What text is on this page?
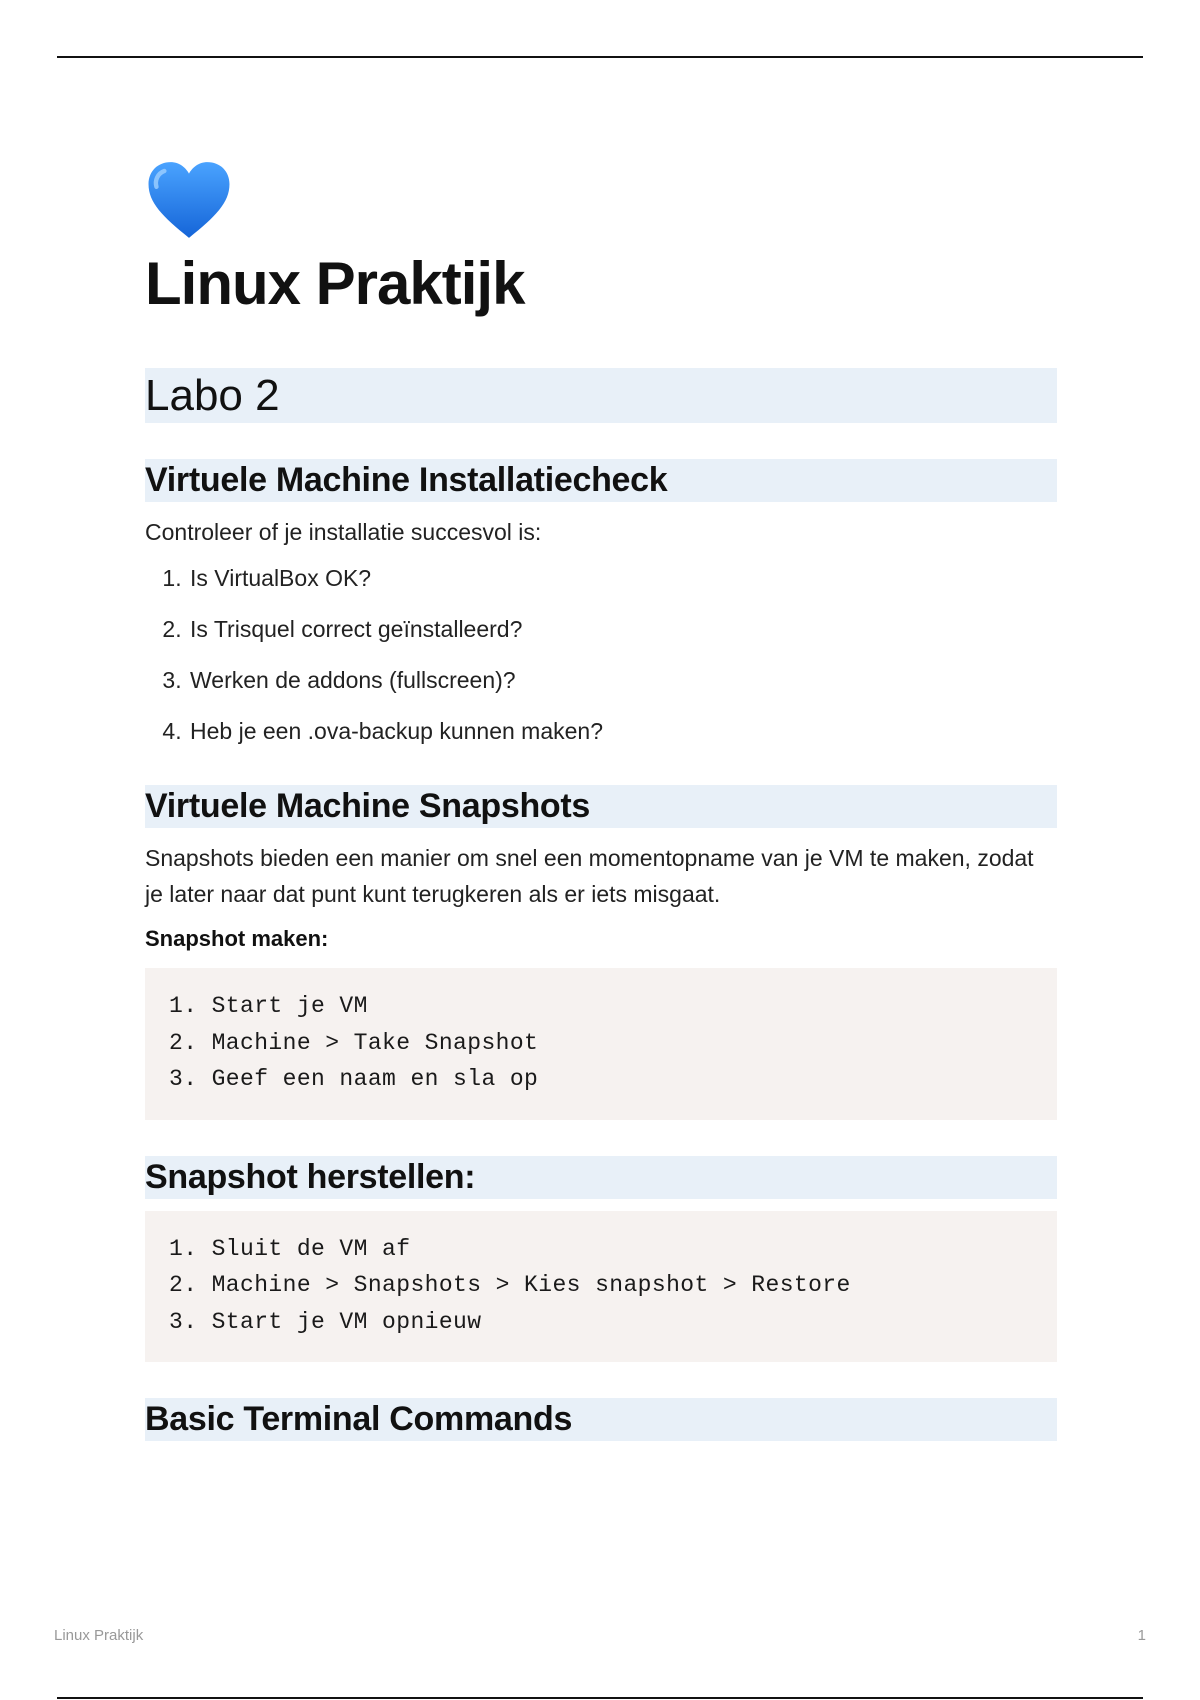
Linux Praktijk
Labo 2
Virtuele Machine Installatiecheck

Controleer of je installatie succesvol is:

1. Is VirtualBox OK?
2. Is Trisquel correct geïnstalleerd?
3. Werken de addons (fullscreen)?
4. Heb je een .ova-backup kunnen maken?
Virtuele Machine Snapshots

Snapshots bieden een manier om snel een momentopname van je VM te maken, zodat je later naar dat punt kunt terugkeren als er iets misgaat.

Snapshot maken:
1. Start je VM
2. Machine > Take Snapshot
3. Geef een naam en sla op
Snapshot herstellen:
1. Sluit de VM af
2. Machine > Snapshots > Kies snapshot > Restore
3. Start je VM opnieuw
Basic Terminal Commands
Linux Praktijk	1
